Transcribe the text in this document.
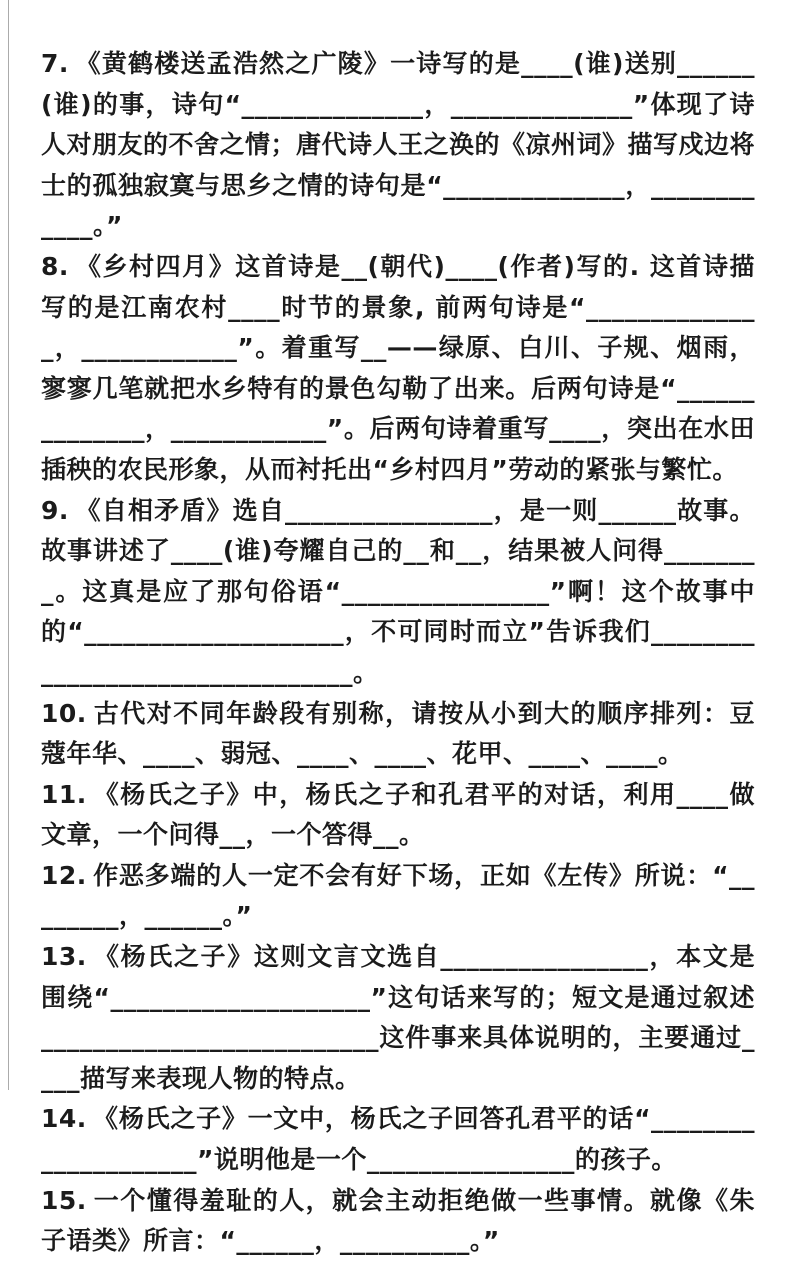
7. 《黄鹤楼送孟浩然之广陵》一诗写的是____(谁)送别______(谁)的事，诗句“______________，______________”体现了诗人对朋友的不舍之情；唐代诗人王之涣的《凉州词》描写戍边将士的孤独寂寞与思乡之情的诗句是“______________，____________。”

8. 《乡村四月》这首诗是__(朝代)____(作者)写的. 这首诗描写的是江南农村____时节的景象, 前两句诗是“______________，____________”。着重写__——绿原、白川、子规、烟雨，寥寥几笔就把水乡特有的景色勾勒了出来。后两句诗是“______________，____________”。后两句诗着重写____，突出在水田插秧的农民形象，从而衬托出“乡村四月”劳动的紧张与繁忙。

9. 《自相矛盾》选自________________，是一则______故事。故事讲述了____(谁)夸耀自己的__和__，结果被人问得________。这真是应了那句俗语“________________”啊！这个故事中的“____________________，不可同时而立”告诉我们________________________________。

10. 古代对不同年龄段有别称，请按从小到大的顺序排列：豆蔻年华、____、弱冠、____、____、花甲、____、____。

11. 《杨氏之子》中，杨氏之子和孔君平的对话，利用____做文章，一个问得__，一个答得__。

12. 作恶多端的人一定不会有好下场，正如《左传》所说：“________，______。”

13. 《杨氏之子》这则文言文选自________________，本文是围绕“____________________”这句话来写的；短文是通过叙述__________________________这件事来具体说明的，主要通过____描写来表现人物的特点。

14. 《杨氏之子》一文中，杨氏之子回答孔君平的话“____________________”说明他是一个________________的孩子。

15. 一个懂得羞耻的人，就会主动拒绝做一些事情。就像《朱子语类》所言：“______，__________。”
